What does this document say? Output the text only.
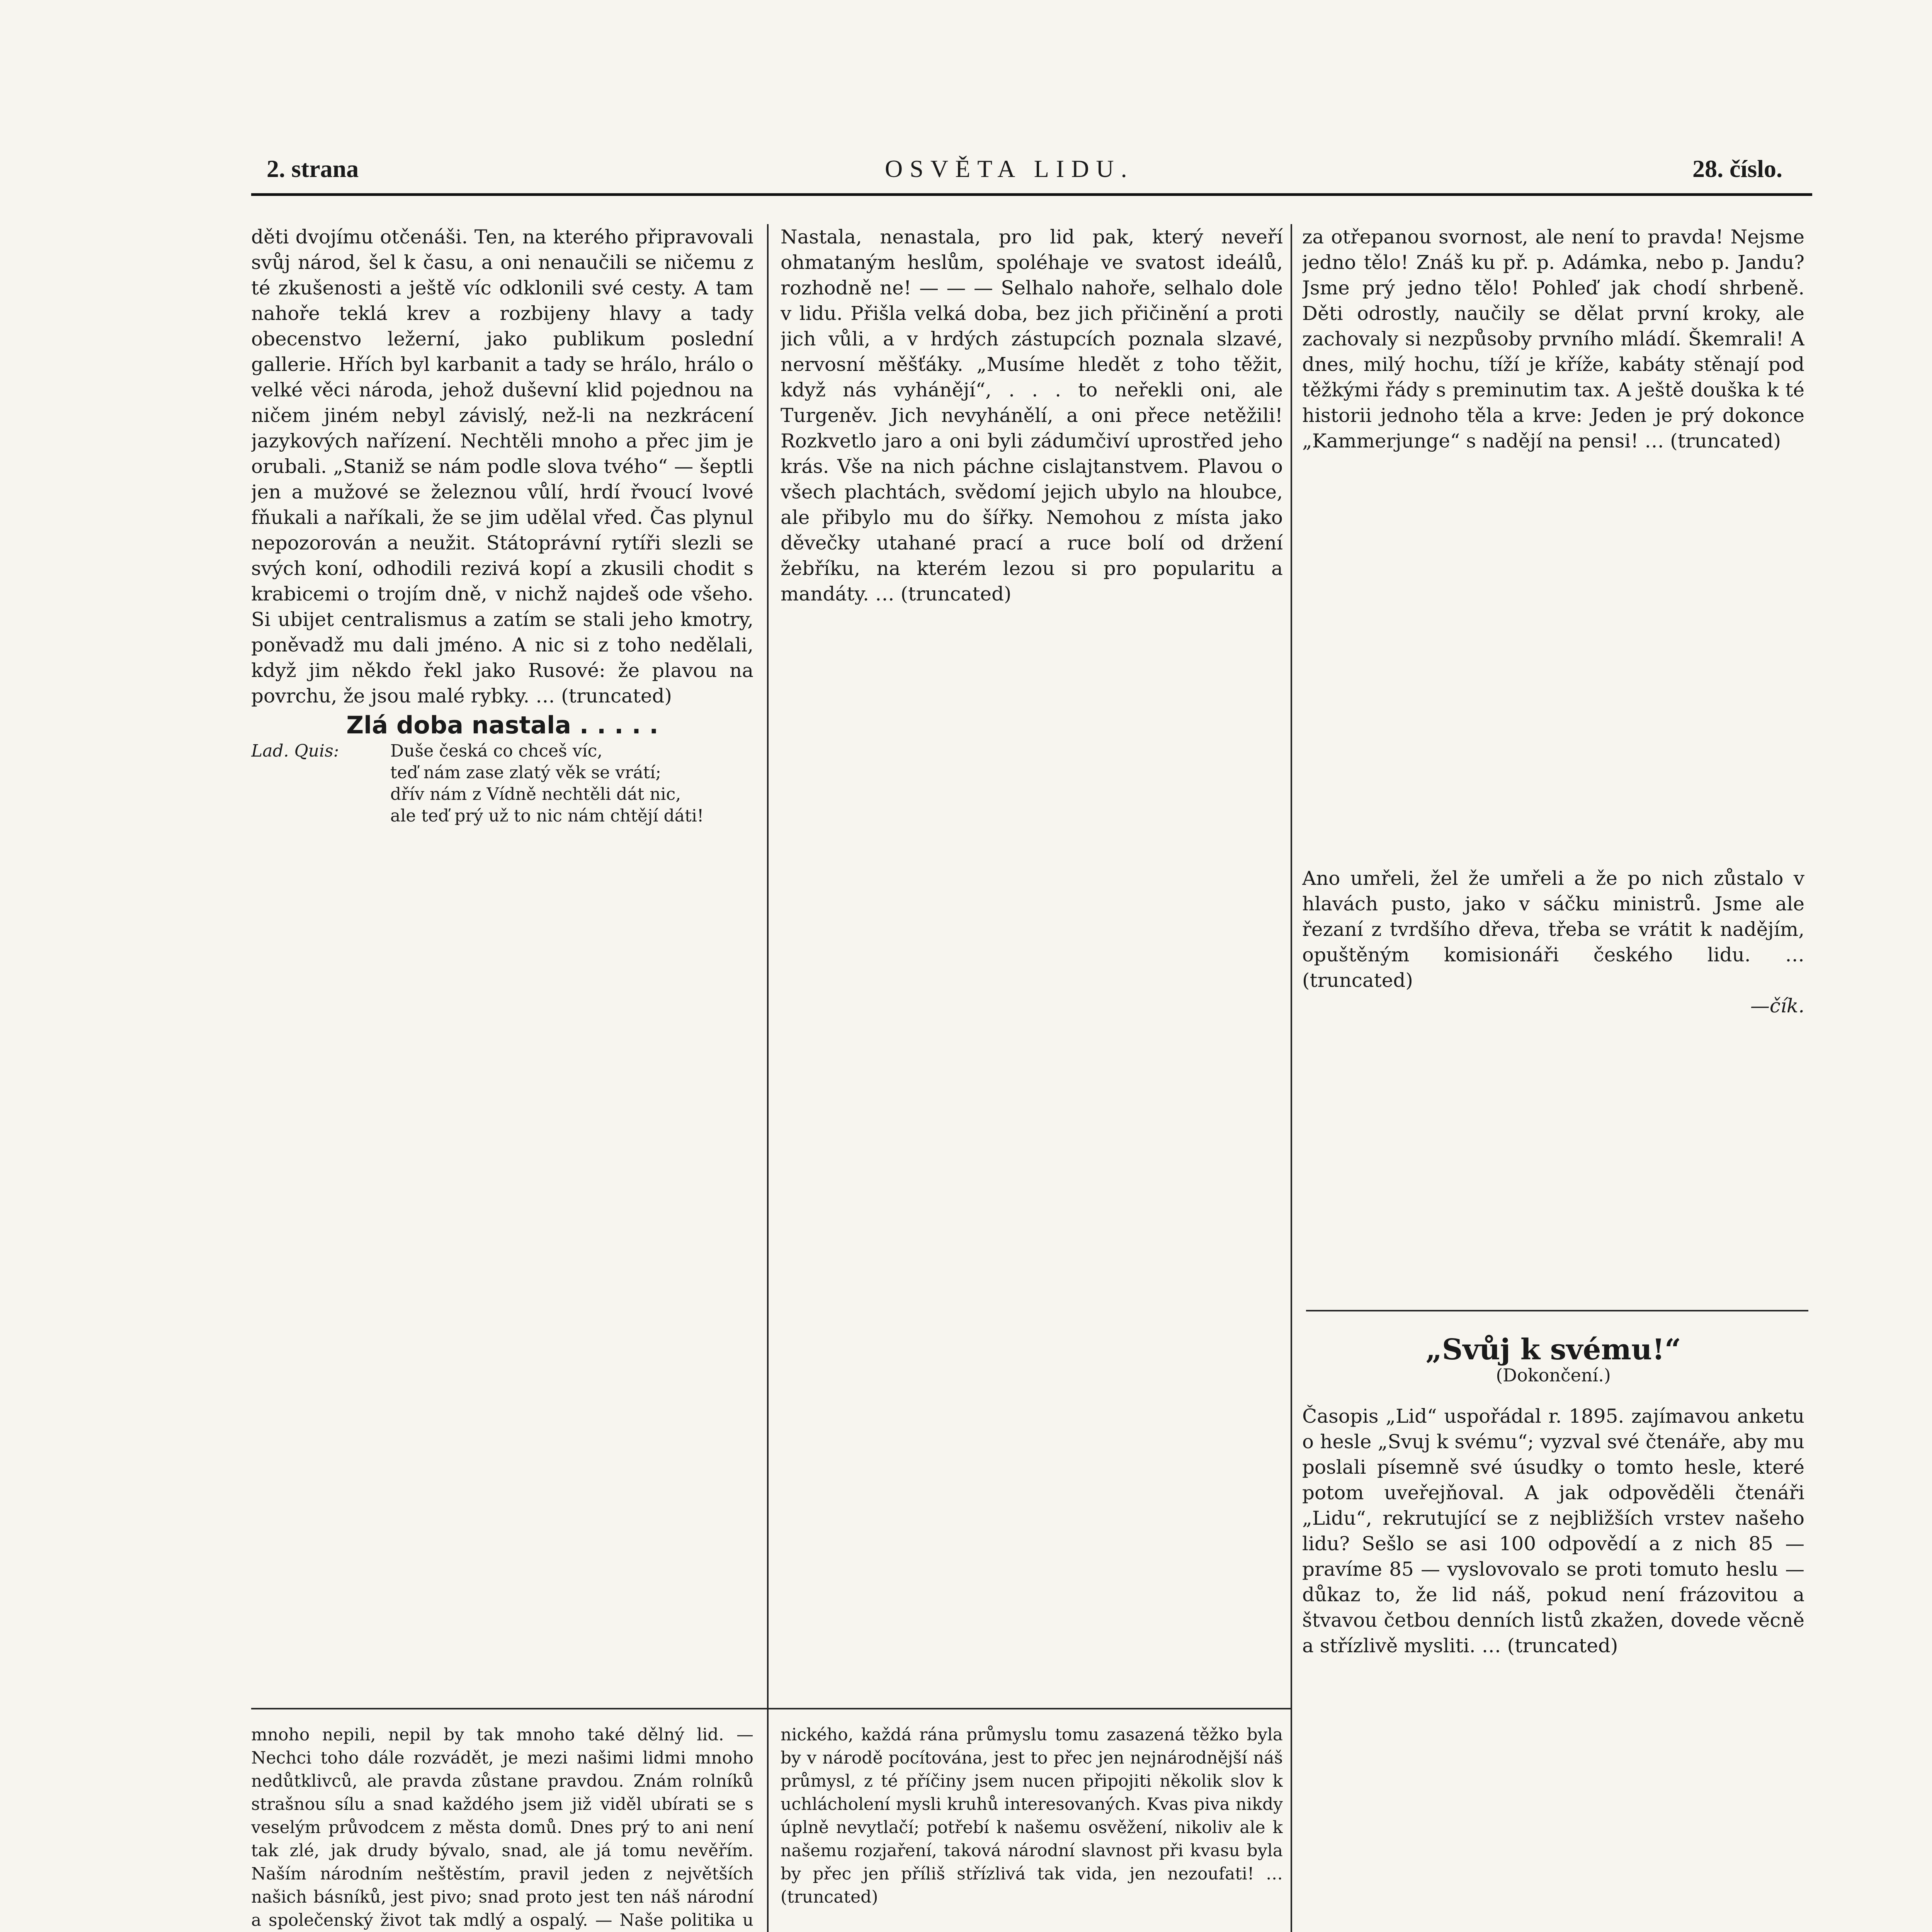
2. strana	OSVĚTA LIDU.	28. číslo.

děti dvojímu otčenáši. Ten, na kterého připravovali svůj národ, šel k času, a oni nenaučili se ničemu z té zkušenosti a ještě víc odklonili své cesty. A tam nahoře teklá krev a rozbijeny hlavy a tady obecenstvo ležerní, jako publikum poslední gallerie. Hřích byl karbanit a tady se hrálo, hrálo o velké věci národa, jehož duševní klid pojednou na ničem jiném nebyl závislý, než-li na nezkrácení jazykových nařízení. Nechtěli mnoho a přec jim je orubali. „Staniž se nám podle slova tvého“ — šeptli jen a mužové se železnou vůlí, hrdí řvoucí lvové fňukali a naříkali, že se jim udělal vřed. Čas plynul nepozorován a neužit. Státoprávní rytíři slezli se svých koní, odhodili rezivá kopí a zkusili chodit s krabicemi o trojím dně, v nichž najdeš ode všeho. Si ubijet centralismus a zatím se stali jeho kmotry, poněvadž mu dali jméno. A nic si z toho nedělali, když jim někdo řekl jako Rusové: že plavou na povrchu, že jsou malé rybky. … (truncated)

Zlá doba nastala . . . . .
Lad. Quis:	Duše česká co chceš víc,
teď nám zase zlatý věk se vrátí;
dřív nám z Vídně nechtěli dát nic,
ale teď prý už to nic nám chtějí dáti!

mnoho nepili, nepil by tak mnoho také dělný lid. — Nechci toho dále rozvádět, je mezi našimi lidmi mnoho nedůtklivců, ale pravda zůstane pravdou. Znám rolníků strašnou sílu a snad každého jsem již viděl ubírati se s veselým průvodcem z města domů. Dnes prý to ani není tak zlé, jak drudy bývalo, snad, ale já tomu nevěřím. Naším národním neštěstím, pravil jeden z největších našich básníků, jest pivo; snad proto jest ten náš národní a společenský život tak mdlý a ospalý. — Naše politika u

Nastala, nenastala, pro lid pak, který neveří ohmataným heslům, spoléhaje ve svatost ideálů, rozhodně ne! — — — Selhalo nahoře, selhalo dole v lidu. Přišla velká doba, bez jich přičinění a proti jich vůli, a v hrdých zástupcích poznala slzavé, nervosní měšťáky. „Musíme hledět z toho těžit, když nás vyhánějí“, . . . to neřekli oni, ale Turgeněv. Jich nevyhánělí, a oni přece netěžili! Rozkvetlo jaro a oni byli zádumčiví uprostřed jeho krás. Vše na nich páchne cislajtanstvem. Plavou o všech plachtách, svědomí jejich ubylo na hloubce, ale přibylo mu do šířky. Nemohou z místa jako děvečky utahané prací a ruce bolí od držení žebříku, na kterém lezou si pro popularitu a mandáty. … (truncated)

nického, každá rána průmyslu tomu zasazená těžko byla by v národě pocítována, jest to přec jen nejnárodnější náš průmysl, z té příčiny jsem nucen připojiti několik slov k uchlácholení mysli kruhů interesovaných. Kvas piva nikdy úplně nevytlačí; potřebí k našemu osvěžení, nikoliv ale k našemu rozjaření, taková národní slavnost při kvasu byla by přec jen příliš střízlivá tak vida, jen nezoufati! … (truncated)

za otřepanou svornost, ale není to pravda! Nejsme jedno tělo! Znáš ku př. p. Adámka, nebo p. Jandu? Jsme prý jedno tělo! Pohleď jak chodí shrbeně. Děti odrostly, naučily se dělat první kroky, ale zachovaly si nezpůsoby prvního mládí. Škemrali! A dnes, milý hochu, tíží je kříže, kabáty stěnají pod těžkými řády s preminutim tax. A ještě douška k té historii jednoho těla a krve: Jeden je prý dokonce „Kammerjunge“ s nadějí na pensi! … (truncated)

Ano umřeli, žel že umřeli a že po nich zůstalo v hlavách pusto, jako v sáčku ministrů. Jsme ale řezaní z tvrdšího dřeva, třeba se vrátit k nadějím, opuštěným komisionáři českého lidu. … (truncated)

—čík.

„Svůj k svému!“
(Dokončení.)

Časopis „Lid“ uspořádal r. 1895. zajímavou anketu o hesle „Svuj k svému“; vyzval své čtenáře, aby mu poslali písemně své úsudky o tomto hesle, které potom uveřejňoval. A jak odpověděli čtenáři „Lidu“, rekrutující se z nejbližších vrstev našeho lidu? Sešlo se asi 100 odpovědí a z nich 85 — pravíme 85 — vyslovovalo se proti tomuto heslu — důkaz to, že lid náš, pokud není frázovitou a štvavou četbou denních listů zkažen, dovede věcně a střízlivě mysliti. … (truncated)
